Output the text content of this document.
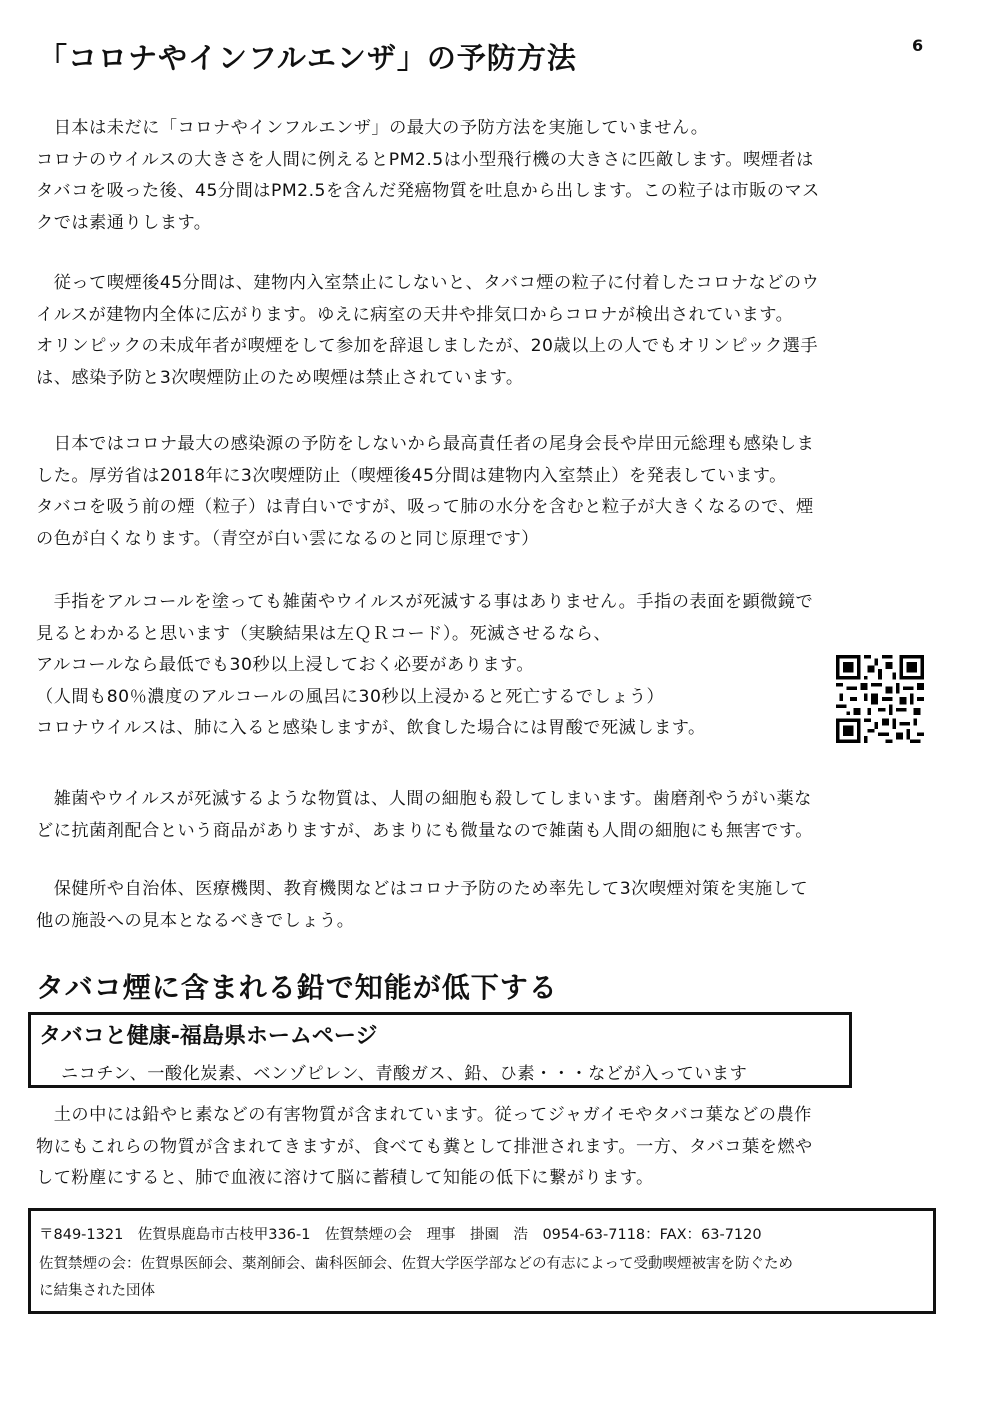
6
「コロナやインフルエンザ」の予防方法
　日本は未だに「コロナやインフルエンザ」の最大の予防方法を実施していません。
コロナのウイルスの大きさを人間に例えるとPM2.5は小型飛行機の大きさに匹敵します。喫煙者は
タバコを吸った後、45分間はPM2.5を含んだ発癌物質を吐息から出します。この粒子は市販のマス
クでは素通りします。
　従って喫煙後45分間は、建物内入室禁止にしないと、タバコ煙の粒子に付着したコロナなどのウ
イルスが建物内全体に広がります。ゆえに病室の天井や排気口からコロナが検出されています。
オリンピックの未成年者が喫煙をして参加を辞退しましたが、20歳以上の人でもオリンピック選手
は、感染予防と3次喫煙防止のため喫煙は禁止されています。
　日本ではコロナ最大の感染源の予防をしないから最高責任者の尾身会長や岸田元総理も感染しま
した。厚労省は2018年に3次喫煙防止（喫煙後45分間は建物内入室禁止）を発表しています。
タバコを吸う前の煙（粒子）は青白いですが、吸って肺の水分を含むと粒子が大きくなるので、煙
の色が白くなります。（青空が白い雲になるのと同じ原理です）
　手指をアルコールを塗っても雑菌やウイルスが死滅する事はありません。手指の表面を顕微鏡で
見るとわかると思います（実験結果は左ＱＲコード）。死滅させるなら、
アルコールなら最低でも30秒以上浸しておく必要があります。
（人間も80％濃度のアルコールの風呂に30秒以上浸かると死亡するでしょう）
コロナウイルスは、肺に入ると感染しますが、飲食した場合には胃酸で死滅します。
　雑菌やウイルスが死滅するような物質は、人間の細胞も殺してしまいます。歯磨剤やうがい薬な
どに抗菌剤配合という商品がありますが、あまりにも微量なので雑菌も人間の細胞にも無害です。
　保健所や自治体、医療機関、教育機関などはコロナ予防のため率先して3次喫煙対策を実施して
他の施設への見本となるべきでしょう。
タバコ煙に含まれる鉛で知能が低下する
タバコと健康-福島県ホームページ
ニコチン、一酸化炭素、ベンゾピレン、青酸ガス、鉛、ひ素・・・などが入っています
　土の中には鉛やヒ素などの有害物質が含まれています。従ってジャガイモやタバコ葉などの農作
物にもこれらの物質が含まれてきますが、食べても糞として排泄されます。一方、タバコ葉を燃や
して粉塵にすると、肺で血液に溶けて脳に蓄積して知能の低下に繋がります。
〒849-1321　佐賀県鹿島市古枝甲336-1　佐賀禁煙の会　理事　掛園　浩　0954-63-7118：FAX：63-7120
佐賀禁煙の会：佐賀県医師会、薬剤師会、歯科医師会、佐賀大学医学部などの有志によって受動喫煙被害を防ぐため
に結集された団体
